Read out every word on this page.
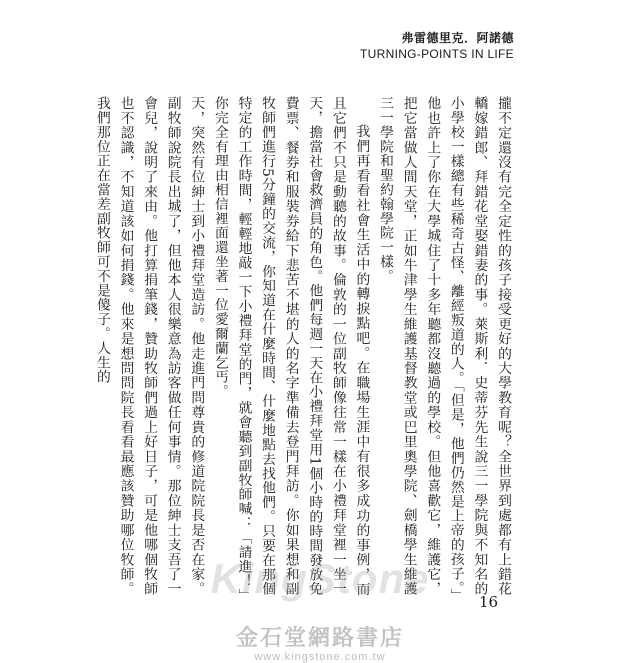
弗雷德里克．阿諾德
TURNING-POINTS IN LIFE

攏不定還沒有完全定性的孩子接受更好的大學教育呢？全世界到處都有上錯花轎嫁錯郎、拜錯花堂娶錯妻的事。萊斯利．史蒂芬先生說三一學院與不知名的小學校一樣總有些稀奇古怪、離經叛道的人。「但是，他們仍然是上帝的孩子。」他也許上了你在大學城住了十多年聽都沒聽過的學校。但他喜歡它，維護它，把它當做人間天堂，正如牛津學生維護基督教堂或巴里奧學院、劍橋學生維護三一學院和聖約翰學院一樣。

我們再看看社會生活中的轉捩點吧。在職場生涯中有很多成功的事例，而且它們不只是動聽的故事。倫敦的一位副牧師像往常一樣在小禮拜堂裡一坐一天，擔當社會救濟員的角色。他們每週一天在小禮拜堂用1個小時的時間發放免費票、餐券和服裝券給下悲苦不堪的人的名字準備去登門拜訪。你如果想和副牧師們進行5分鐘的交流，你知道在什麼時間、什麼地點去找他們。只要在那個特定的工作時間，輕輕地敲一下小禮拜堂的門，就會聽到副牧師喊：「請進！」你完全有理由相信裡面還坐著一位愛爾蘭乞丐。

天，突然有位紳士到小禮拜堂造訪。他走進門問尊貴的修道院院長是否在家。副牧師說院長出城了，但他本人很樂意為訪客做任何事情。那位紳士支吾了一會兒，說明了來由。他打算捐筆錢，贊助牧師們過上好日子，可是他哪個牧師也不認識，不知道該如何捐錢。他來是想問問院長看看最應該贊助哪位牧師。我們那位正在當差副牧師可不是傻子。人生的

KingStone
金石堂網路書店
www.kingstone.com.tw
16
